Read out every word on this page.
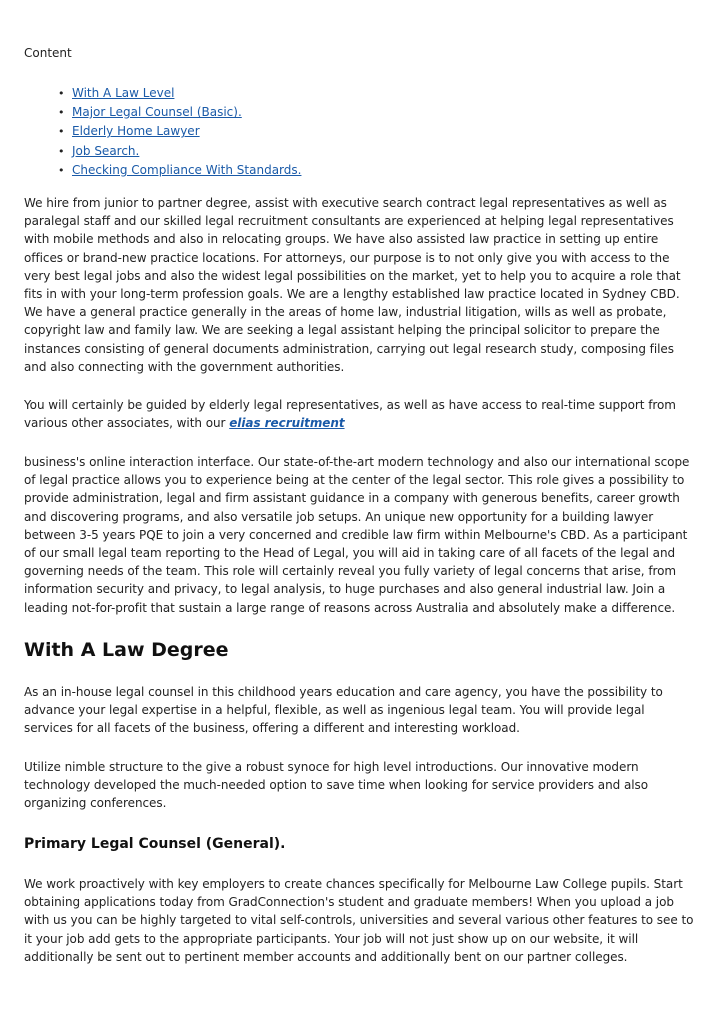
Content
• With A Law Level
• Major Legal Counsel (Basic).
• Elderly Home Lawyer
• Job Search.
• Checking Compliance With Standards.

We hire from junior to partner degree, assist with executive search contract legal representatives as well as paralegal staff and our skilled legal recruitment consultants are experienced at helping legal representatives with mobile methods and also in relocating groups. We have also assisted law practice in setting up entire offices or brand-new practice locations. For attorneys, our purpose is to not only give you with access to the very best legal jobs and also the widest legal possibilities on the market, yet to help you to acquire a role that fits in with your long-term profession goals. We are a lengthy established law practice located in Sydney CBD. We have a general practice generally in the areas of home law, industrial litigation, wills as well as probate, copyright law and family law. We are seeking a legal assistant helping the principal solicitor to prepare the instances consisting of general documents administration, carrying out legal research study, composing files and also connecting with the government authorities.

You will certainly be guided by elderly legal representatives, as well as have access to real-time support from various other associates, with our elias recruitment

business's online interaction interface. Our state-of-the-art modern technology and also our international scope of legal practice allows you to experience being at the center of the legal sector. This role gives a possibility to provide administration, legal and firm assistant guidance in a company with generous benefits, career growth and discovering programs, and also versatile job setups. An unique new opportunity for a building lawyer between 3-5 years PQE to join a very concerned and credible law firm within Melbourne's CBD. As a participant of our small legal team reporting to the Head of Legal, you will aid in taking care of all facets of the legal and governing needs of the team. This role will certainly reveal you fully variety of legal concerns that arise, from information security and privacy, to legal analysis, to huge purchases and also general industrial law. Join a leading not-for-profit that sustain a large range of reasons across Australia and absolutely make a difference.

With A Law Degree

As an in-house legal counsel in this childhood years education and care agency, you have the possibility to advance your legal expertise in a helpful, flexible, as well as ingenious legal team. You will provide legal services for all facets of the business, offering a different and interesting workload.

Utilize nimble structure to the give a robust synoce for high level introductions. Our innovative modern technology developed the much-needed option to save time when looking for service providers and also organizing conferences.

Primary Legal Counsel (General).

We work proactively with key employers to create chances specifically for Melbourne Law College pupils. Start obtaining applications today from GradConnection's student and graduate members! When you upload a job with us you can be highly targeted to vital self-controls, universities and several various other features to see to it your job add gets to the appropriate participants. Your job will not just show up on our website, it will additionally be sent out to pertinent member accounts and additionally bent on our partner colleges.
